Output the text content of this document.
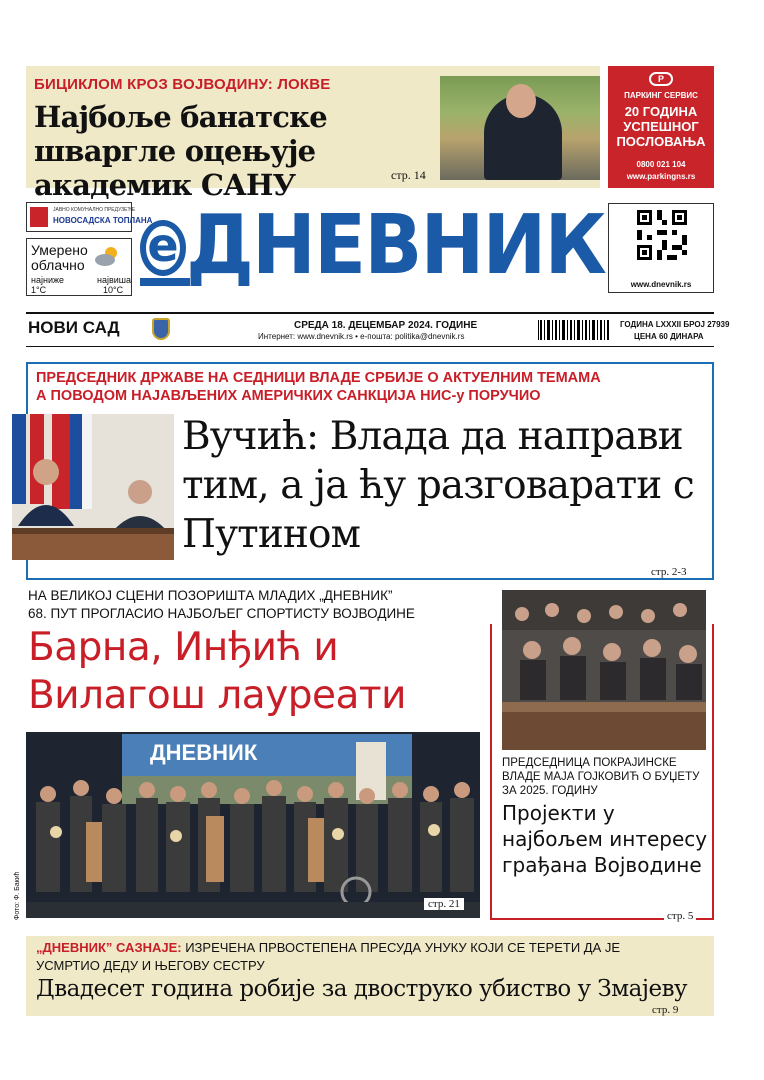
БИЦИКЛОМ КРОЗ ВОЈВОДИНУ: ЛОКВЕ
Најбоље банатске шваргле оцењује академик САНУ	стр. 14
P
ПАРКИНГ СЕРВИС
20 ГОДИНА
УСПЕШНОГ
ПОСЛОВАЊА
0800 021 104
www.parkingns.rs
ЈАВНО КОМУНАЛНО ПРЕДУЗЕЋЕ
НОВОСАДСКА ТОПЛАНА
Умерено
облачно
најниже
1°C
највиша
10°C
е ДНЕВНИК	www.dnevnik.rs
НОВИ САД	СРЕДА 18. ДЕЦЕМБАР 2024. ГОДИНЕ
Интернет: www.dnevnik.rs • е-пошта: politika@dnevnik.rs
ГОДИНА LXXXII БРОЈ 27939
ЦЕНА 60 ДИНАРА
ПРЕДСЕДНИК ДРЖАВЕ НА СЕДНИЦИ ВЛАДЕ СРБИЈЕ О АКТУЕЛНИМ ТЕМАМА
А ПОВОДОМ НАЈАВЉЕНИХ АМЕРИЧКИХ САНКЦИЈА НИС-у ПОРУЧИО
Вучић: Влада да направи тим, а ја ћу разговарати с Путином
стр. 2-3
НА ВЕЛИКОЈ СЦЕНИ ПОЗОРИШТА МЛАДИХ „ДНЕВНИК”
68. ПУТ ПРОГЛАСИО НАЈБОЉЕГ СПОРТИСТУ ВОЈВОДИНЕ
Барна, Инђић и Вилагош лауреати
ДНЕВНИК
стр. 21
Фото: Ф. Бакић
ПРЕДСЕДНИЦА ПОКРАЈИНСКЕ ВЛАДЕ МАЈА ГОЈКОВИЋ О БУЏЕТУ ЗА 2025. ГОДИНУ
Пројекти у најбољем интересу грађана Војводине
стр. 5
„ДНЕВНИК” САЗНАЈЕ: ИЗРЕЧЕНА ПРВОСТЕПЕНА ПРЕСУДА УНУКУ КОЈИ СЕ ТЕРЕТИ ДА ЈЕ
УСМРТИО ДЕДУ И ЊЕГОВУ СЕСТРУ
Двадесет година робије за двоструко убиство у Змајеву
стр. 9
